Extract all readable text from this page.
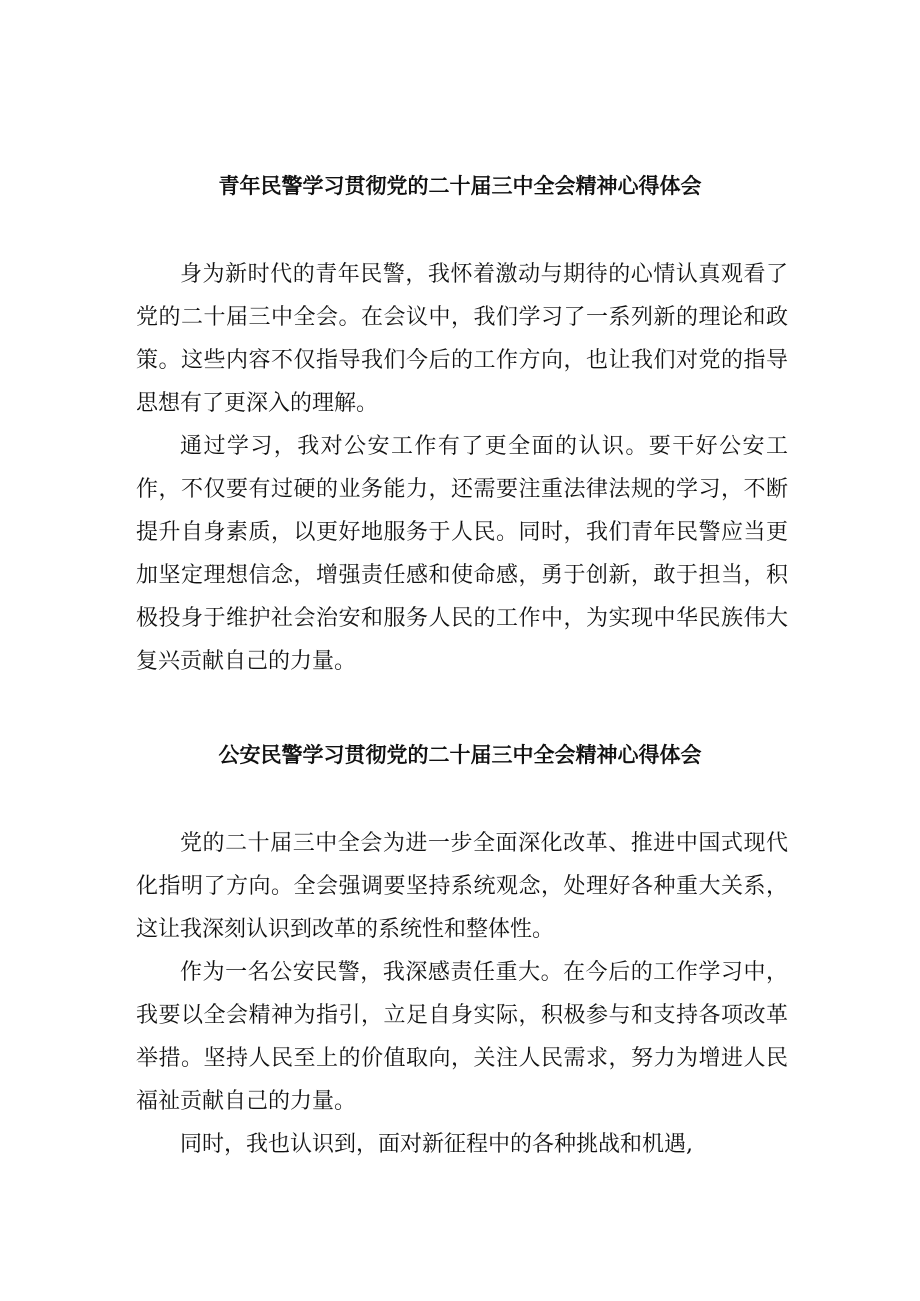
青年民警学习贯彻党的二十届三中全会精神心得体会

身为新时代的青年民警，我怀着激动与期待的心情认真观看了党的二十届三中全会。在会议中，我们学习了一系列新的理论和政策。这些内容不仅指导我们今后的工作方向，也让我们对党的指导思想有了更深入的理解。

通过学习，我对公安工作有了更全面的认识。要干好公安工作，不仅要有过硬的业务能力，还需要注重法律法规的学习，不断提升自身素质，以更好地服务于人民。同时，我们青年民警应当更加坚定理想信念，增强责任感和使命感，勇于创新，敢于担当，积极投身于维护社会治安和服务人民的工作中，为实现中华民族伟大复兴贡献自己的力量。

公安民警学习贯彻党的二十届三中全会精神心得体会

党的二十届三中全会为进一步全面深化改革、推进中国式现代化指明了方向。全会强调要坚持系统观念，处理好各种重大关系，这让我深刻认识到改革的系统性和整体性。

作为一名公安民警，我深感责任重大。在今后的工作学习中，我要以全会精神为指引，立足自身实际，积极参与和支持各项改革举措。坚持人民至上的价值取向，关注人民需求，努力为增进人民福祉贡献自己的力量。

同时，我也认识到，面对新征程中的各种挑战和机遇,
